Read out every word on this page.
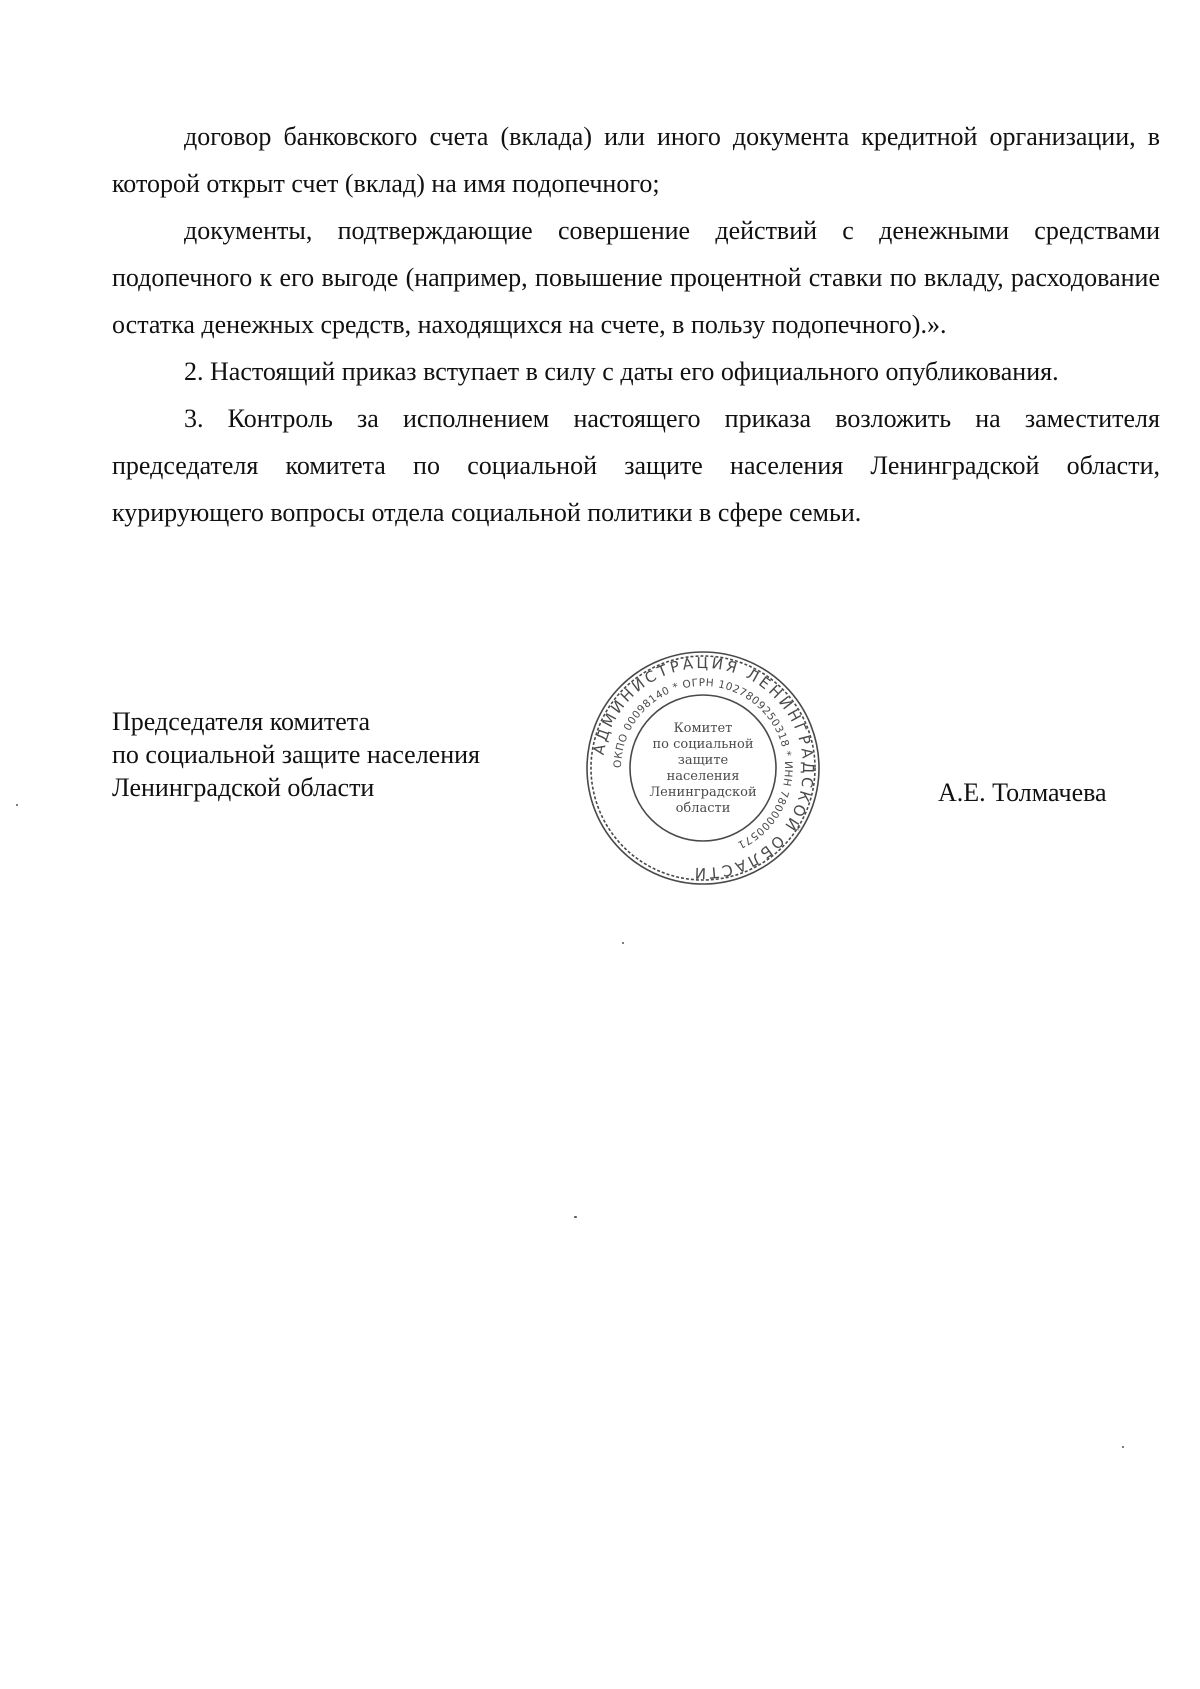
договор банковского счета (вклада) или иного документа кредитной организации, в которой открыт счет (вклад) на имя подопечного;

документы, подтверждающие совершение действий с денежными средствами подопечного к его выгоде (например, повышение процентной ставки по вкладу, расходование остатка денежных средств, находящихся на счете, в пользу подопечного).».

2. Настоящий приказ вступает в силу с даты его официального опубликования.

3. Контроль за исполнением настоящего приказа возложить на заместителя председателя комитета по социальной защите населения Ленинградской области, курирующего вопросы отдела социальной политики в сфере семьи.

Председателя комитета
по социальной защите населения
Ленинградской области	А.Е. Толмачева
АДМИНИСТРАЦИЯ ЛЕНИНГРАДСКОЙ ОБЛАСТИ
ОКПО 00098140 * ОГРН 1027809250318 * ИНН 7800000571
Комитет
по социальной
защите
населения
Ленинградской
области
